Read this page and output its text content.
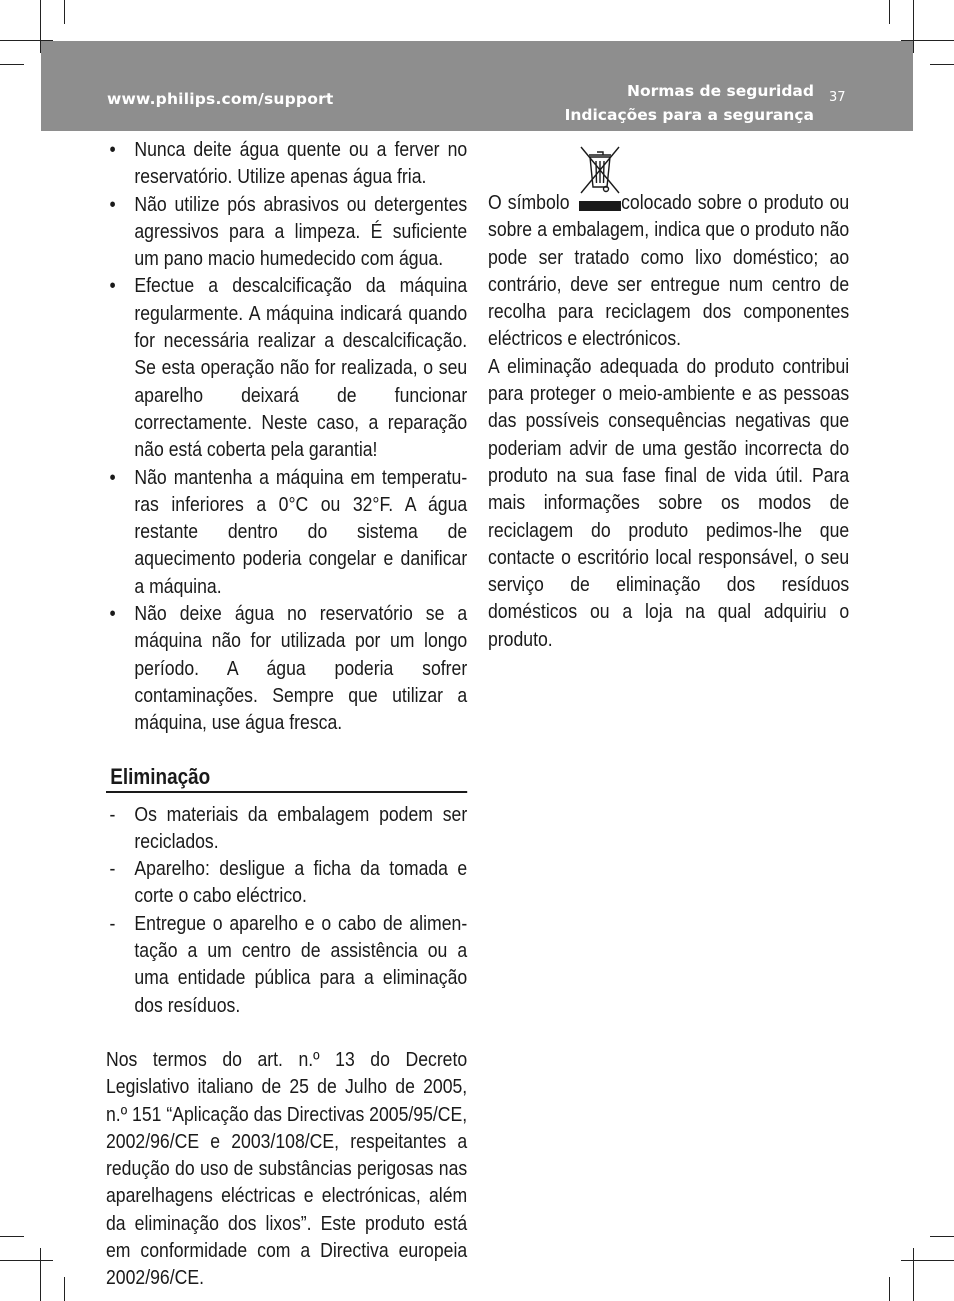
www.philips.com/support	Normas de seguridad
Indicações para a segurança
37
• Nunca deite água quente ou a ferver no reservatório. Utilize apenas água fria.
• Não utilize pós abrasivos ou detergentes agressivos para a limpeza. É suficiente um pano macio humedecido com água.
• Efectue a descalcificação da máquina regularmente. A máquina indicará quando for necessária realizar a descalcificação. Se esta operação não for realizada, o seu aparelho deixará de funcionar correctamente. Neste caso, a reparação não está coberta pela garantia!
• Não mantenha a máquina em temperaturas inferiores a 0°C ou 32°F. A água restante dentro do sistema de aquecimento poderia congelar e danificar a máquina.
• Não deixe água no reservatório se a máquina não for utilizada por um longo período. A água poderia sofrer contaminações. Sempre que utilizar a máquina, use água fresca.
Eliminação
- Os materiais da embalagem podem ser reciclados.
- Aparelho: desligue a ficha da tomada e corte o cabo eléctrico.
- Entregue o aparelho e o cabo de alimentação a um centro de assistência ou a uma entidade pública para a eliminação dos resíduos.

Nos termos do art. n.º 13 do Decreto Legislativo italiano de 25 de Julho de 2005, n.º 151 “Aplicação das Directivas 2005/95/CE, 2002/96/CE e 2003/108/CE, respeitantes a redução do uso de substâncias perigosas nas aparelhagens eléctricas e electrónicas, além da eliminação dos lixos”. Este produto está em conformidade com a Directiva europeia 2002/96/CE.

O símbolo	colocado sobre o produto ou sobre a embalagem, indica que o produto não pode ser tratado como lixo doméstico; ao contrário, deve ser entregue num centro de recolha para reciclagem dos componentes eléctricos e electrónicos.

A eliminação adequada do produto contribui para proteger o meio-ambiente e as pessoas das possíveis consequências negativas que poderiam advir de uma gestão incorrecta do produto na sua fase final de vida útil. Para mais informações sobre os modos de reciclagem do produto pedimos-lhe que contacte o escritório local responsável, o seu serviço de eliminação dos resíduos domésticos ou a loja na qual adquiriu o produto.
